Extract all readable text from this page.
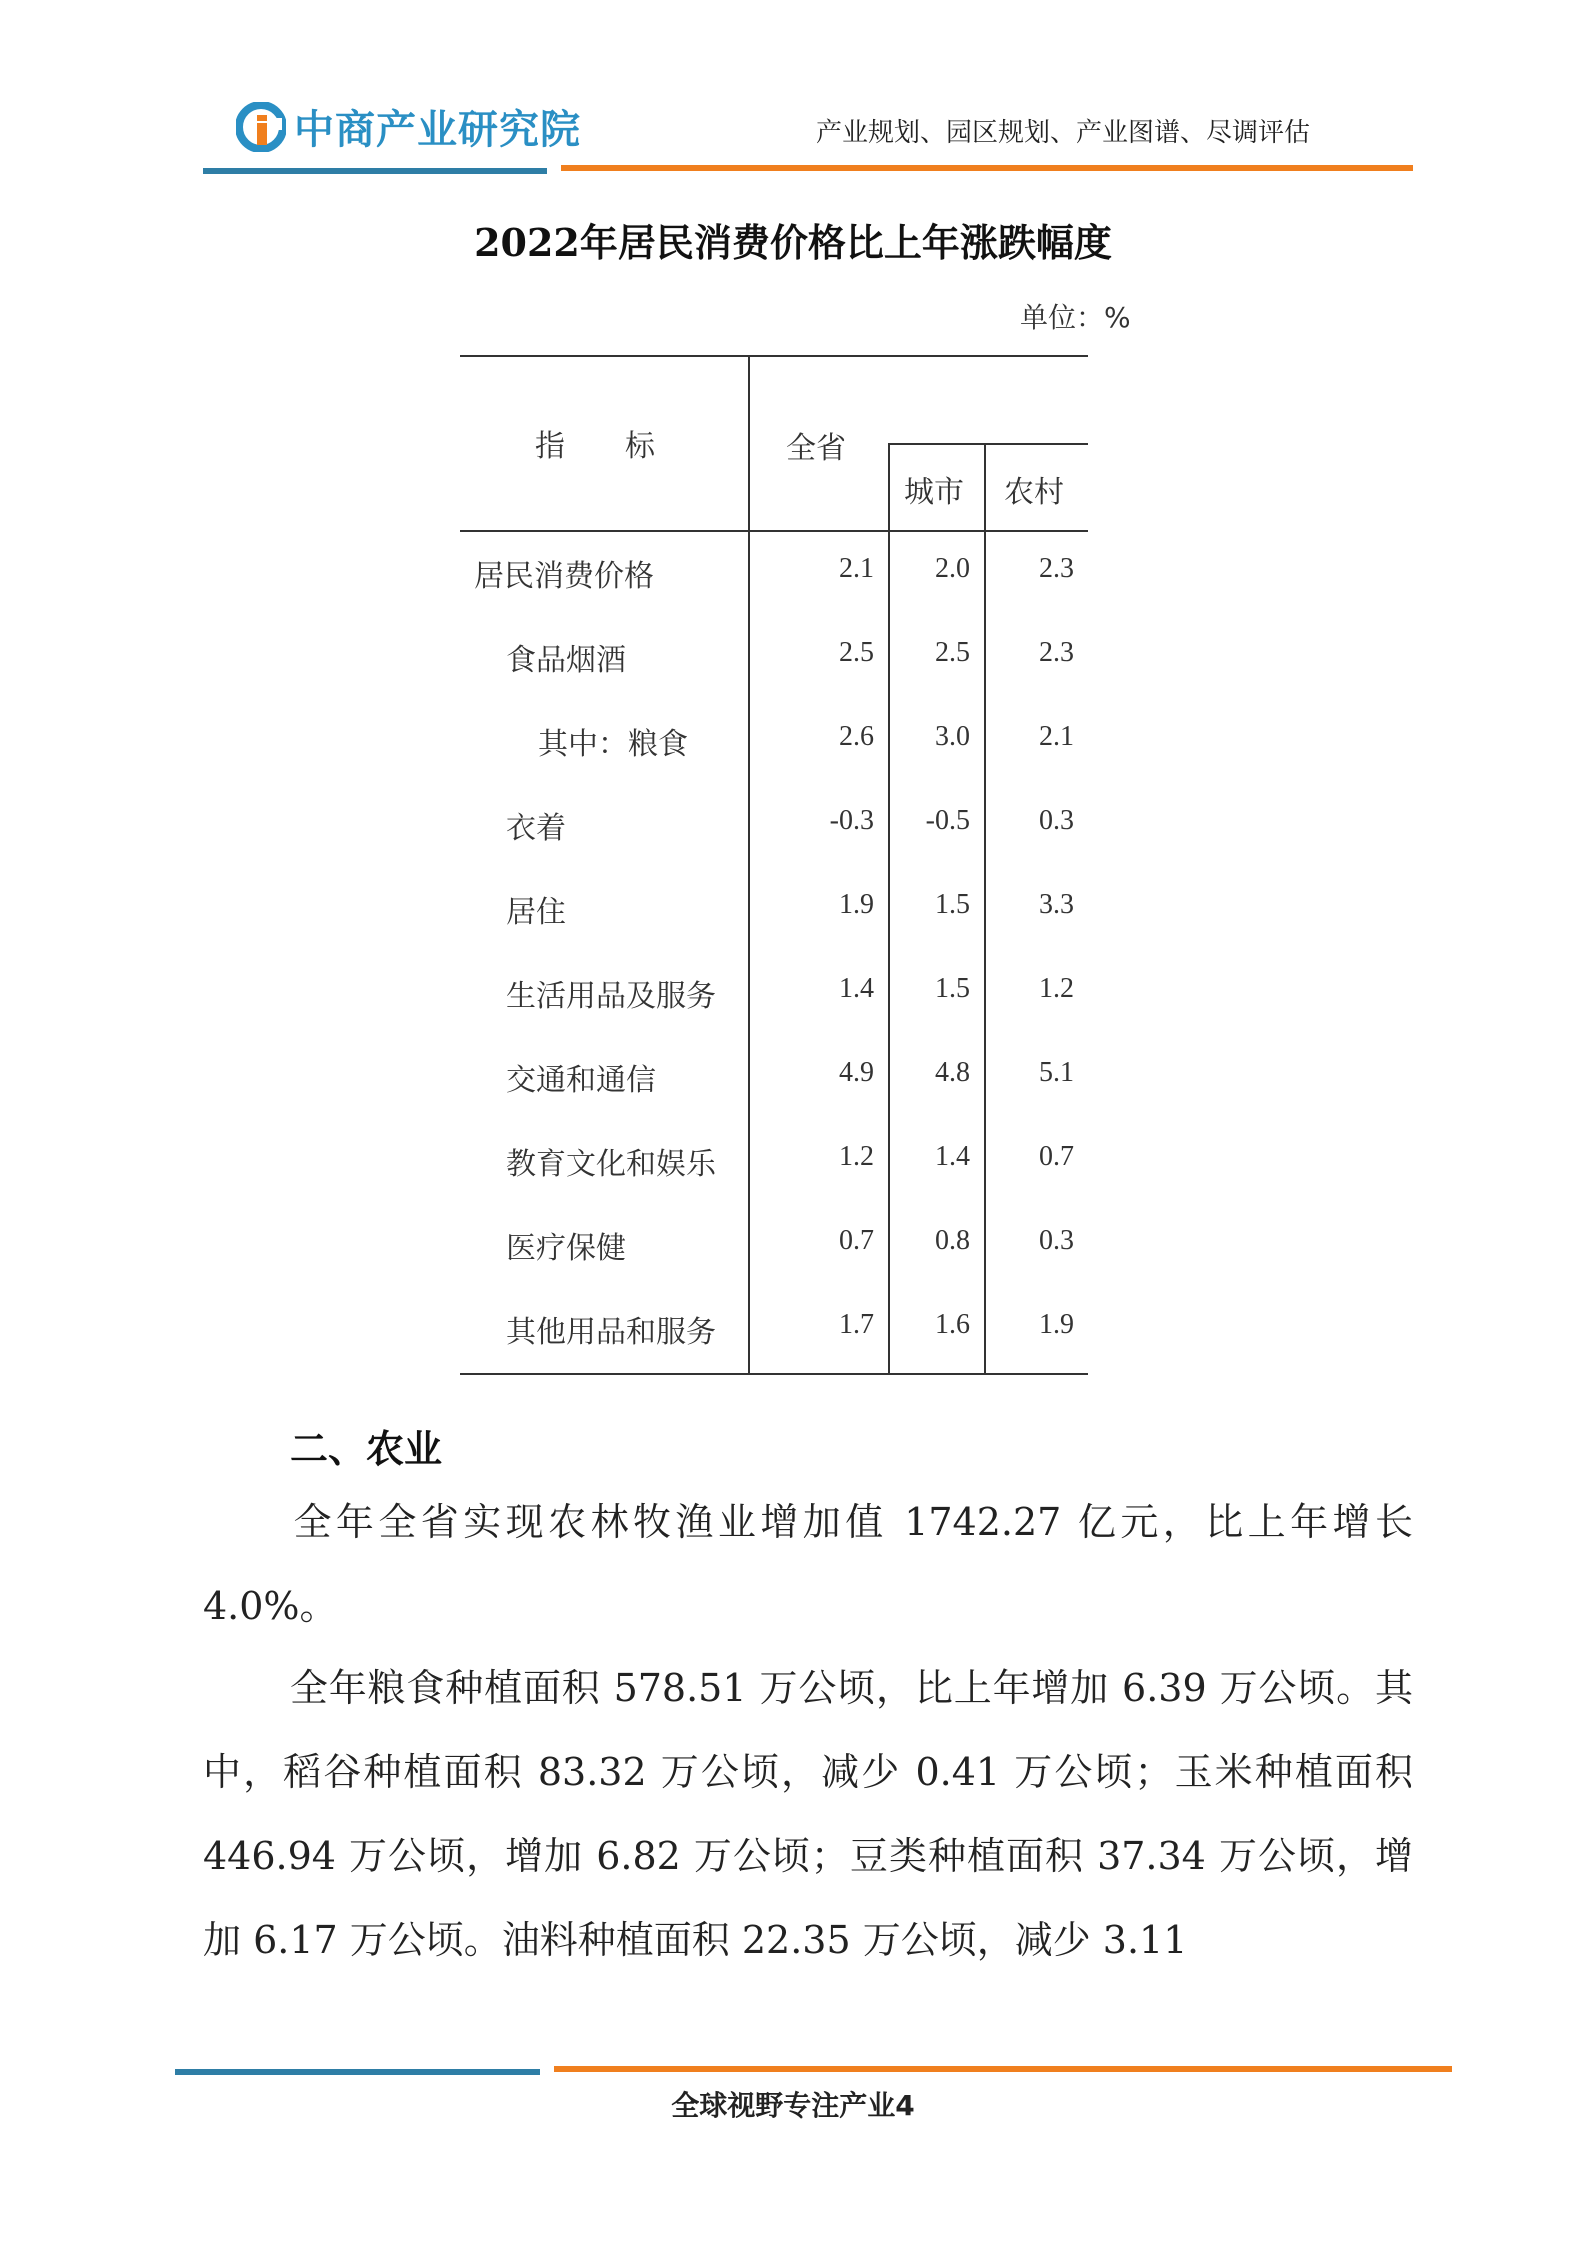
中商产业研究院	产业规划、园区规划、产业图谱、尽调评估
2022年居民消费价格比上年涨跌幅度
单位：%
指　　标	全省
城市 农村
居民消费价格	2.1	2.0	2.3
食品烟酒	2.5	2.5	2.3
其中：粮食	2.6	3.0	2.1
衣着	-0.3	-0.5	0.3
居住	1.9	1.5	3.3
生活用品及服务	1.4	1.5	1.2
交通和通信	4.9	4.8	5.1
教育文化和娱乐	1.2	1.4	0.7
医疗保健	0.7	0.8	0.3
其他用品和服务	1.7	1.6	1.9
二、农业
全年全省实现农林牧渔业增加值 1742.27 亿元，比上年增长 4.0%。
全年粮食种植面积 578.51 万公顷，比上年增加 6.39 万公顷。其中，稻谷种植面积 83.32 万公顷，减少 0.41 万公顷；玉米种植面积 446.94 万公顷，增加 6.82 万公顷；豆类种植面积 37.34 万公顷，增加 6.17 万公顷。油料种植面积 22.35 万公顷，减少 3.11
全球视野专注产业4
